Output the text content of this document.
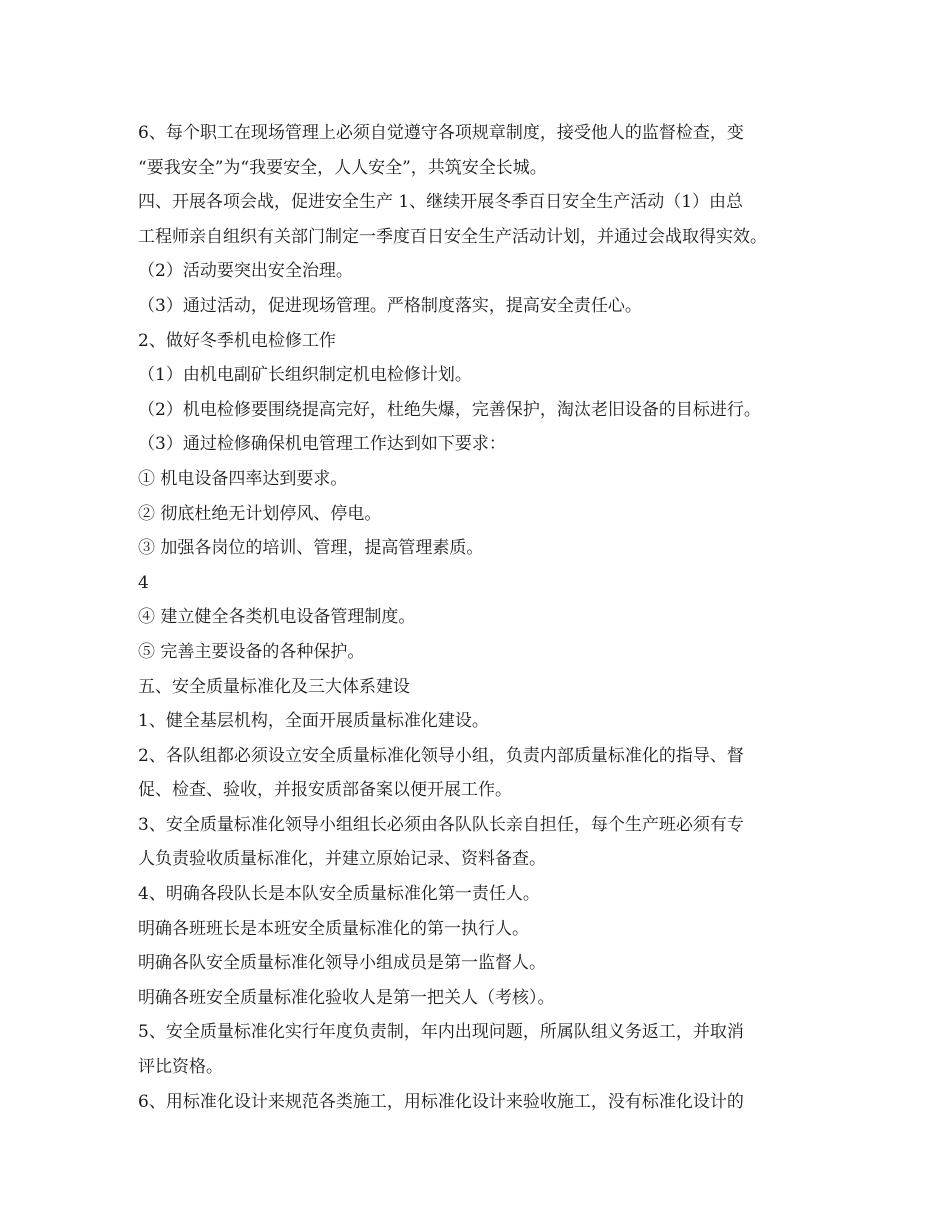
6、每个职工在现场管理上必须自觉遵守各项规章制度，接受他人的监督检查，变
“要我安全”为“我要安全，人人安全”，共筑安全长城。
四、开展各项会战，促进安全生产 1、继续开展冬季百日安全生产活动（1）由总
工程师亲自组织有关部门制定一季度百日安全生产活动计划，并通过会战取得实效。
（2）活动要突出安全治理。
（3）通过活动，促进现场管理。严格制度落实，提高安全责任心。
2、做好冬季机电检修工作
（1）由机电副矿长组织制定机电检修计划。
（2）机电检修要围绕提高完好，杜绝失爆，完善保护，淘汰老旧设备的目标进行。
（3）通过检修确保机电管理工作达到如下要求：
① 机电设备四率达到要求。
② 彻底杜绝无计划停风、停电。
③ 加强各岗位的培训、管理，提高管理素质。
4
④ 建立健全各类机电设备管理制度。
⑤ 完善主要设备的各种保护。
五、安全质量标准化及三大体系建设
1、健全基层机构，全面开展质量标准化建设。
2、各队组都必须设立安全质量标准化领导小组，负责内部质量标准化的指导、督
促、检查、验收，并报安质部备案以便开展工作。
3、安全质量标准化领导小组组长必须由各队队长亲自担任，每个生产班必须有专
人负责验收质量标准化，并建立原始记录、资料备查。
4、明确各段队长是本队安全质量标准化第一责任人。
明确各班班长是本班安全质量标准化的第一执行人。
明确各队安全质量标准化领导小组成员是第一监督人。
明确各班安全质量标准化验收人是第一把关人（考核）。
5、安全质量标准化实行年度负责制，年内出现问题，所属队组义务返工，并取消
评比资格。
6、用标准化设计来规范各类施工，用标准化设计来验收施工，没有标准化设计的
